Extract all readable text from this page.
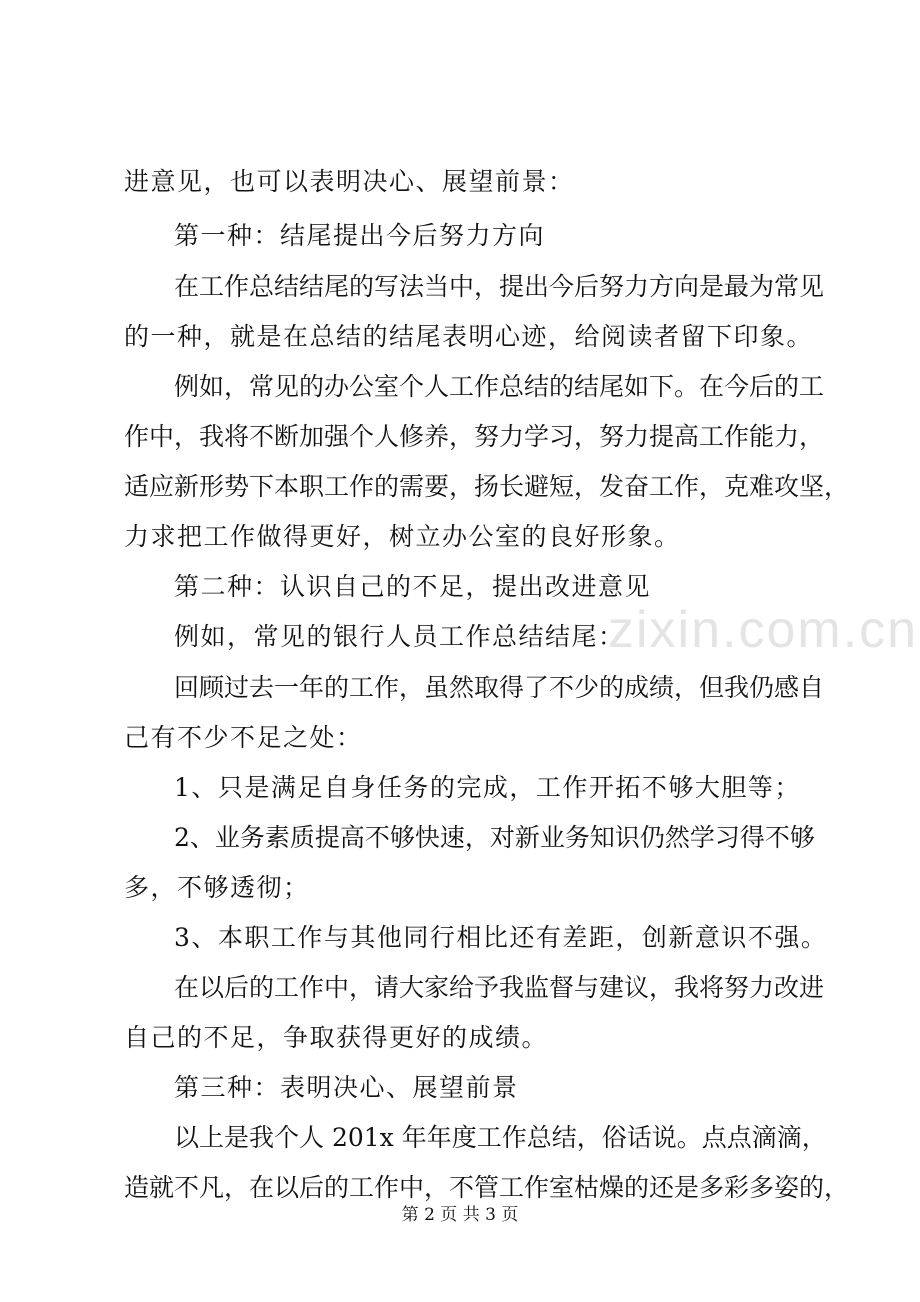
进意见，也可以表明决心、展望前景：
第一种：结尾提出今后努力方向
在工作总结结尾的写法当中，提出今后努力方向是最为常见
的一种，就是在总结的结尾表明心迹，给阅读者留下印象。
例如，常见的办公室个人工作总结的结尾如下。在今后的工
作中，我将不断加强个人修养，努力学习，努力提高工作能力，
适应新形势下本职工作的需要，扬长避短，发奋工作，克难攻坚，
力求把工作做得更好，树立办公室的良好形象。
第二种：认识自己的不足，提出改进意见
例如，常见的银行人员工作总结结尾：
回顾过去一年的工作，虽然取得了不少的成绩，但我仍感自
己有不少不足之处：
1、只是满足自身任务的完成，工作开拓不够大胆等；
2、业务素质提高不够快速，对新业务知识仍然学习得不够
多，不够透彻；
3、本职工作与其他同行相比还有差距，创新意识不强。
在以后的工作中，请大家给予我监督与建议，我将努力改进
自己的不足，争取获得更好的成绩。
第三种：表明决心、展望前景
以上是我个人 201x 年年度工作总结，俗话说。点点滴滴，
造就不凡，在以后的工作中，不管工作室枯燥的还是多彩多姿的，
zixin.com.cn
第 2 页 共 3 页
